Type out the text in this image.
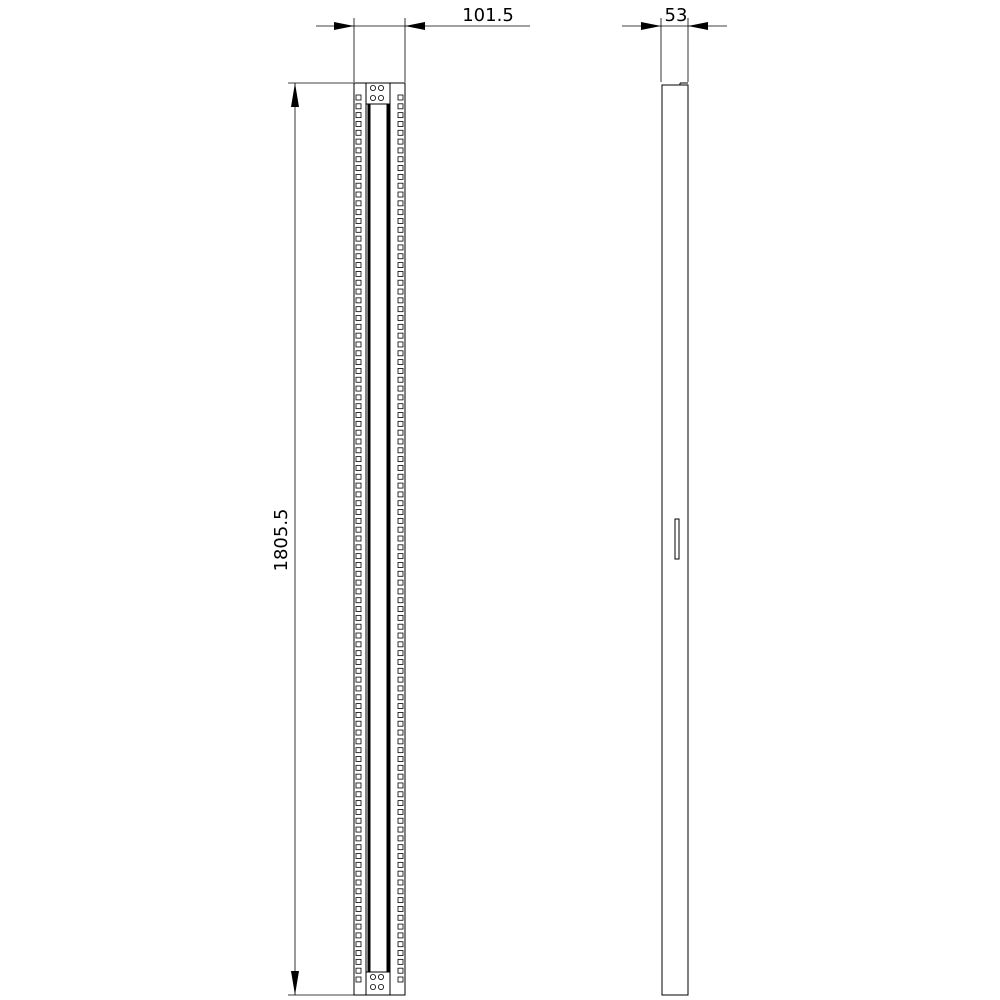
101.5
1805.5
53
